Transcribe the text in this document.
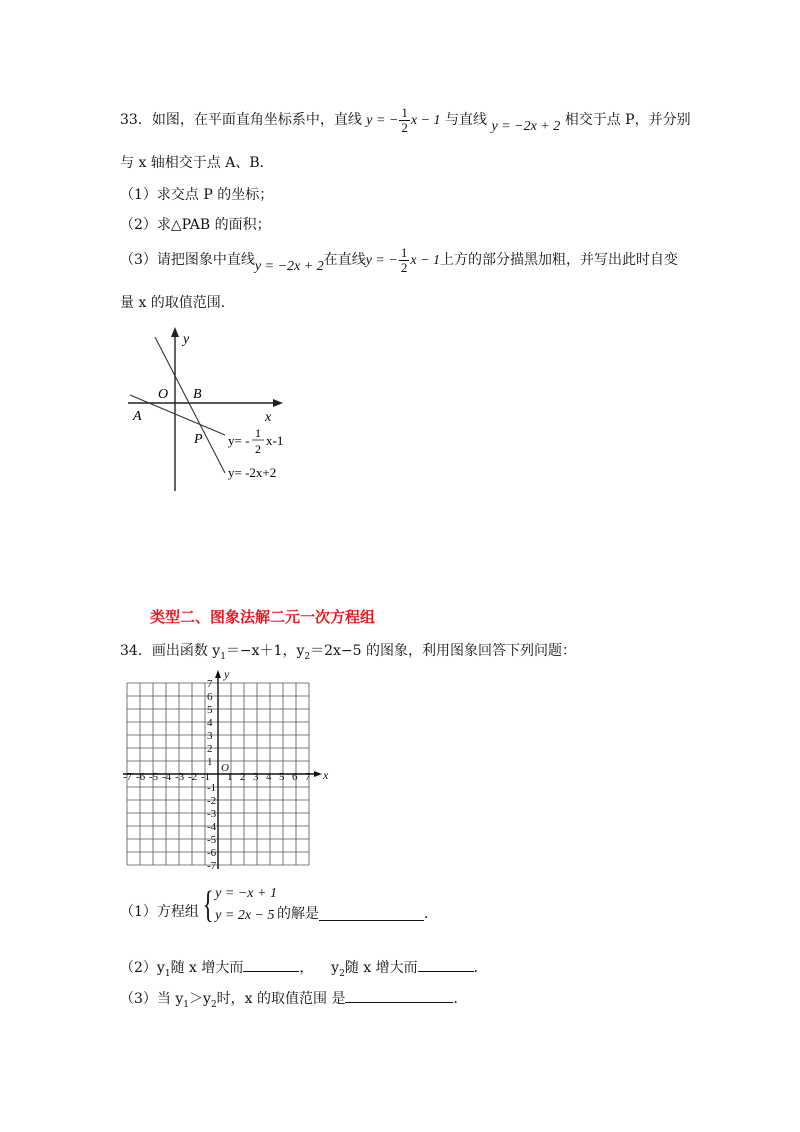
33．如图，在平面直角坐标系中，直线 y = − $\frac{1}{2}$ x − 1 与直线 y = −2x + 2 相交于点 P，并分别
与 x 轴相交于点 A、B．
（1）求交点 P 的坐标；
（2）求△PAB 的面积；
（3）请把图象中直线y = −2x + 2在直线y = − $\frac{1}{2}$ x − 1上方的部分描黑加粗，并写出此时自变
量 x 的取值范围．
y
x
O B
A
P y= - 1
2
x-1
y= -2x+2
类型二、图象法解二元一次方程组
34．画出函数 $y_1=-x+1$，$y_2=2x-5$ 的图象，利用图象回答下列问题：
-7 -6 -5 -4 -3 -2 -1 1 2 3 4 5 6 7
7
6
5
4
3
2
1
-1
-2
-3
-4
-5
-6
-7
O	x
y
（1）方程组 { y = −x + 1
y = 2x − 5 的解是	．
$(2)y_1$随 x 增大而	， $y_2$随 x 增大而	．
（3）当 $y_1>y_2$时，x 的取值范围 是	．
